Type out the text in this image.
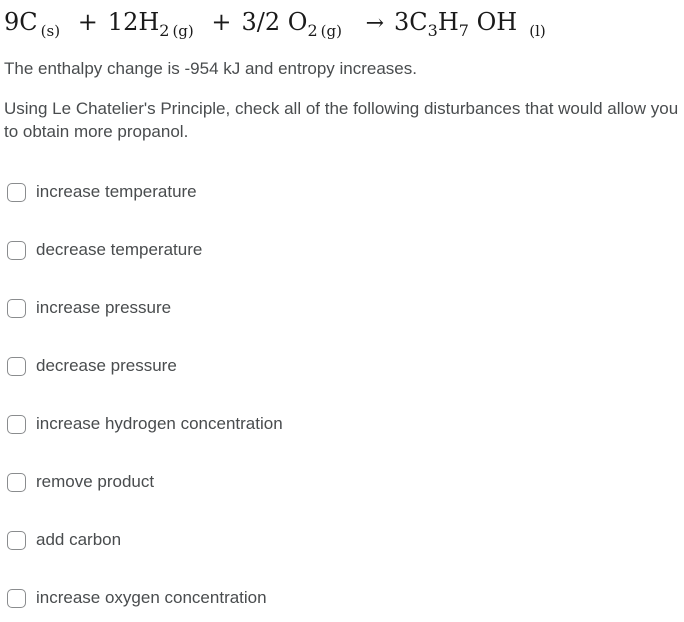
9C (s) + 12H2 (g) + 3/2 O2 (g) → 3C3H7 OH (l)
The enthalpy change is -954 kJ and entropy increases.
Using Le Chatelier's Principle, check all of the following disturbances that would allow you to obtain more propanol.
increase temperature
decrease temperature
increase pressure
decrease pressure
increase hydrogen concentration
remove product
add carbon
increase oxygen concentration
